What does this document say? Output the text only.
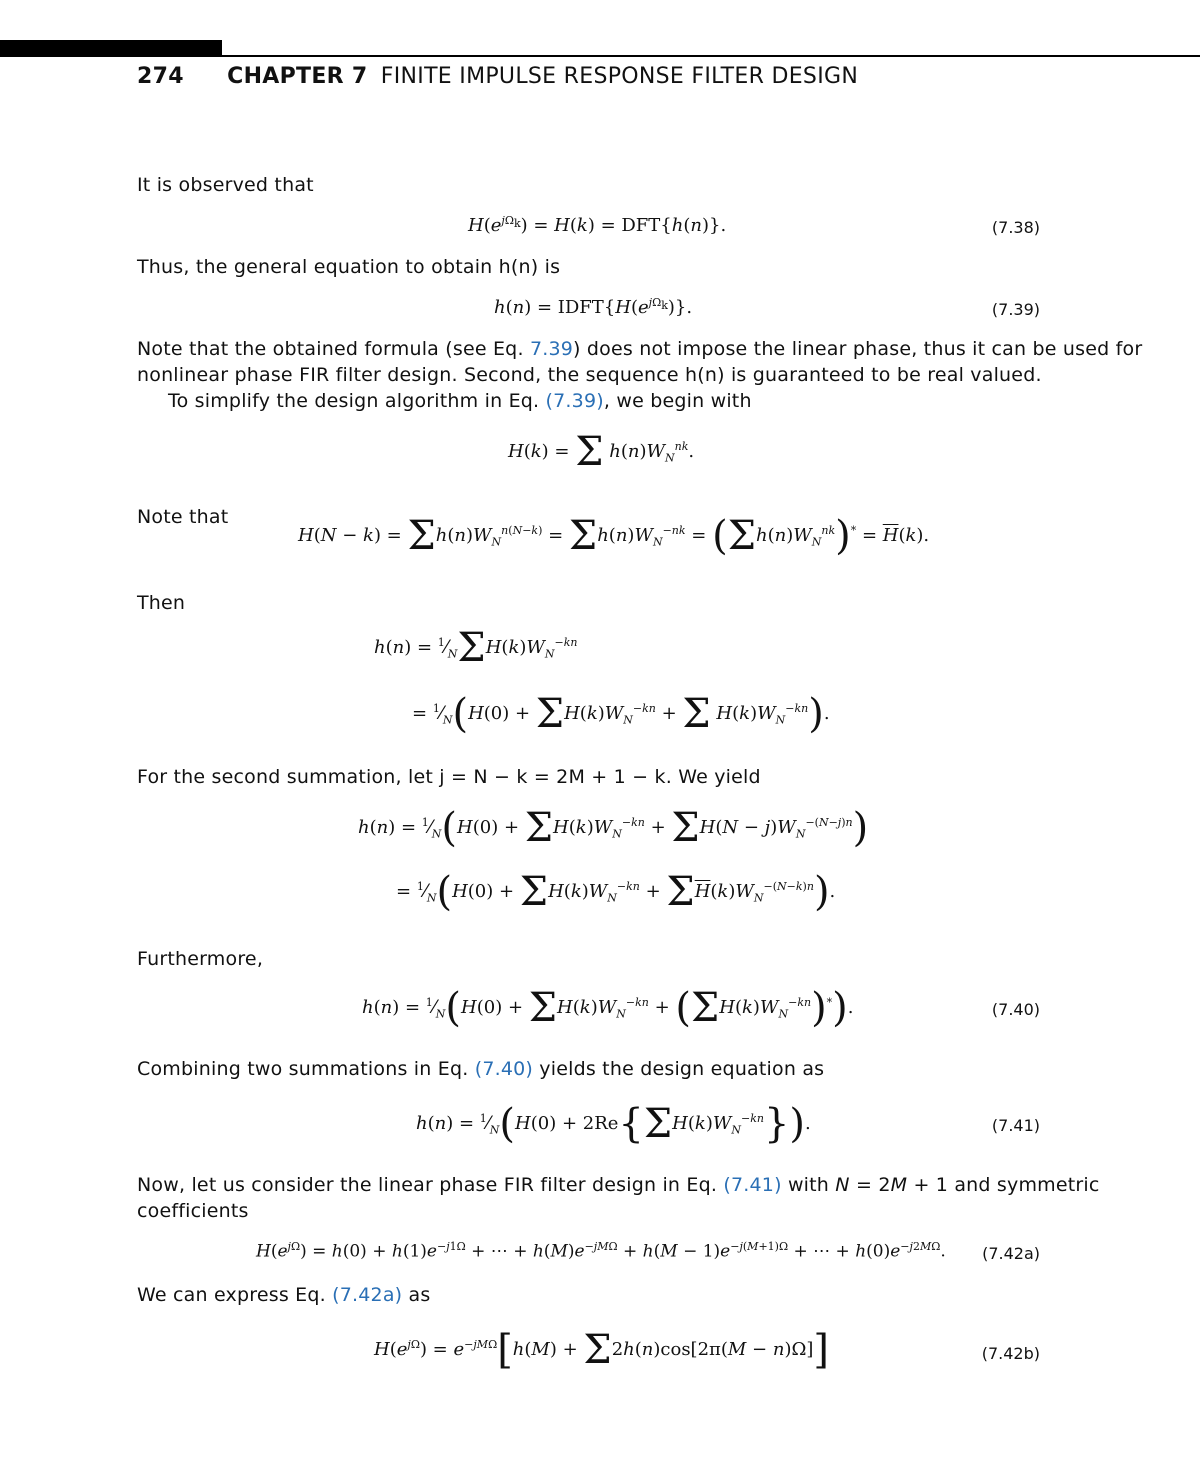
274 CHAPTER 7 FINITE IMPULSE RESPONSE FILTER DESIGN
It is observed that
$H(e^{j\Omega_k}) = H(k) = DFT\{h(n)\}$.	(7.38)
Thus, the general equation to obtain h(n) is
$h(n) = IDFT\{H(e^{j\Omega_k})\}$.	(7.39)
Note that the obtained formula (see Eq. 7.39) does not impose the linear phase, thus it can be used for
nonlinear phase FIR filter design. Second, the sequence h(n) is guaranteed to be real valued.
To simplify the design algorithm in Eq. (7.39), we begin with
H(k) = Σ $h(n)W_N^{nk}$.
Note that
$H(N - k) = \Sigma h(n)W_N^{n(N-k)} = \Sigma h(n)W_N^{-nk} = (\Sigma h(n)W_N^{nk})^* = \overline{H}(k)$.
Then
$h(n) = ^1⁄_N\Sigma H(k)W_N^{-kn}$
= $^1⁄_N(H(0) + \Sigma H(k)W_N^{-kn} + \Sigma$ $H(k)W_N^{-kn}$).
For the second summation, let j = N − k = 2M + 1 − k. We yield
$h(n) = ^1⁄_N(H(0) + \Sigma H(k)W_N^{-kn} + \Sigma H(N - j)W_N^{-(N-j)n})$
= $^1⁄_N(H(0) + \Sigma H(k)W_N^{-kn} + \Sigma\overline{H}(k)W_N^{-(N-k)n})$.
Furthermore,
$h(n) = ^1⁄_N(H(0) + \Sigma H(k)W_N^{-kn} + (\Sigma H(k)W_N^{-kn})^*)$.	(7.40)
Combining two summations in Eq. (7.40) yields the design equation as
$h(n) = ^1⁄_N(H(0) + 2Re\{\Sigma H(k)W_N^{-kn}\})$.	(7.41)
Now, let us consider the linear phase FIR filter design in Eq. (7.41) with N = 2M + 1 and symmetric
coefficients
$H(e^{j\Omega}) = h(0) + h(1)e^{-j1\Omega}$ + ⋯ + $h(M)e^{-jM\Omega} + h(M - 1)e^{-j(M+1)\Omega}$ + ⋯ + $h(0)e^{-j2M\Omega}$. (7.42a)
We can express Eq. (7.42a) as
$H(e^{j\Omega}) = e^{-jM\Omega}[h(M) + \Sigma 2h(n)\cos[2\pi(M - n)\Omega]]$	(7.42b)
